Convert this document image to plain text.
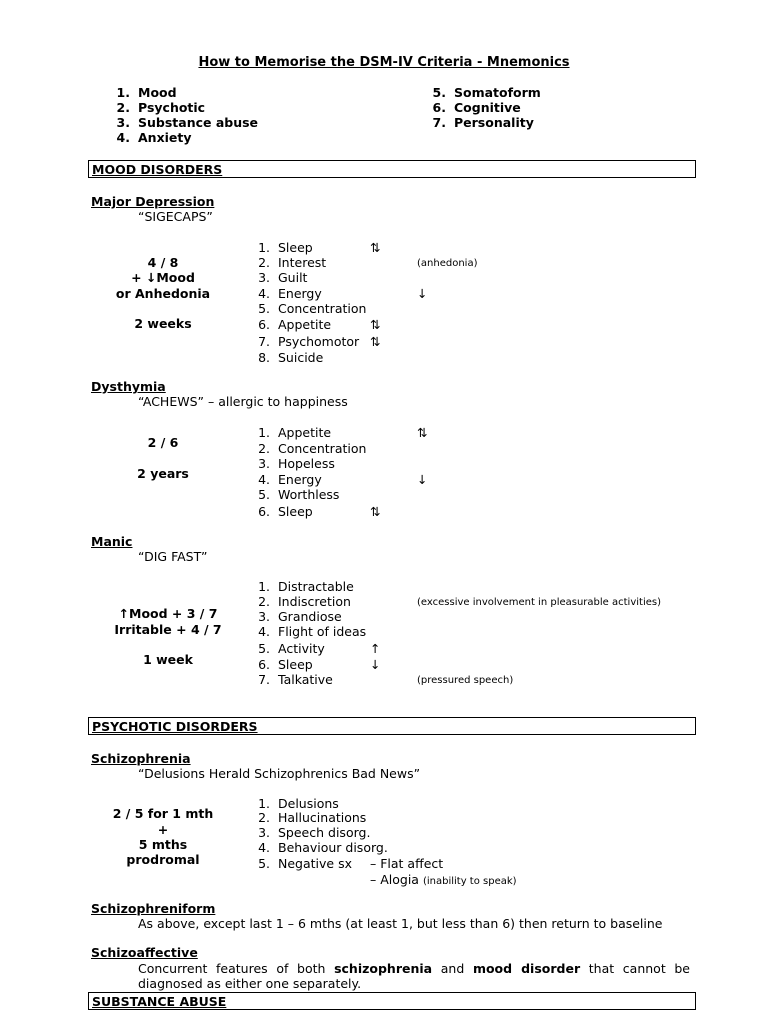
How to Memorise the DSM-IV Criteria - Mnemonics
1. Mood
2. Psychotic
3. Substance abuse
4. Anxiety
5. Somatoform
6. Cognitive
7. Personality
MOOD DISORDERS
Major Depression
“SIGECAPS”
4 / 8
+ ↓Mood
or Anhedonia
2 weeks
1. Sleep	⇅
2. Interest	(anhedonia)
3. Guilt
4. Energy	↓
5. Concentration
6. Appetite	⇅
7. Psychomotor ⇅
8. Suicide
Dysthymia
“ACHEWS” – allergic to happiness
2 / 6
2 years
1. Appetite	⇅
2. Concentration
3. Hopeless
4. Energy	↓
5. Worthless
6. Sleep	⇅
Manic
“DIG FAST”
↑Mood + 3 / 7
Irritable + 4 / 7
1 week
1. Distractable
2. Indiscretion	(excessive involvement in pleasurable activities)
3. Grandiose
4. Flight of ideas
5. Activity	↑
6. Sleep	↓
7. Talkative	(pressured speech)
PSYCHOTIC DISORDERS
Schizophrenia
“Delusions Herald Schizophrenics Bad News”
2 / 5 for 1 mth
+
5 mths
prodromal
1. Delusions
2. Hallucinations
3. Speech disorg.
4. Behaviour disorg.
5. Negative sx – Flat affect
– Alogia (inability to speak)
Schizophreniform
As above, except last 1 – 6 mths (at least 1, but less than 6) then return to baseline
Schizoaffective
Concurrent features of both schizophrenia and mood disorder that cannot be
diagnosed as either one separately.
SUBSTANCE ABUSE
